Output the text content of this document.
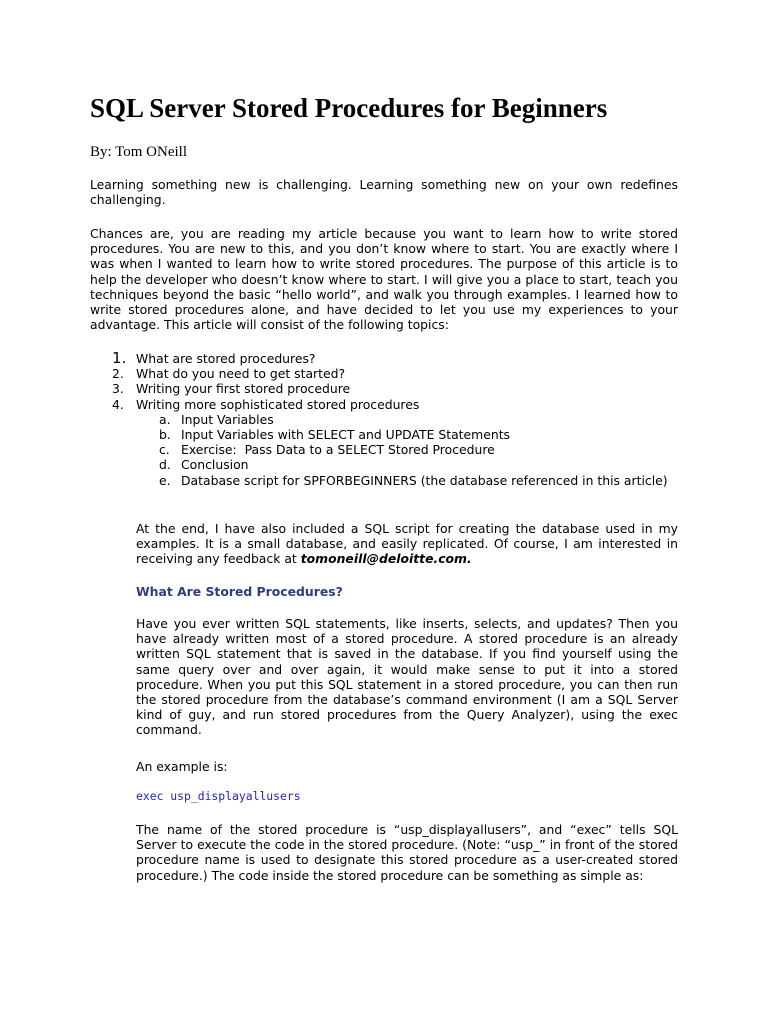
SQL Server Stored Procedures for Beginners

By: Tom ONeill

Learning something new is challenging. Learning something new on your own redefines challenging.

Chances are, you are reading my article because you want to learn how to write stored procedures. You are new to this, and you don’t know where to start. You are exactly where I was when I wanted to learn how to write stored procedures. The purpose of this article is to help the developer who doesn’t know where to start. I will give you a place to start, teach you techniques beyond the basic “hello world”, and walk you through examples. I learned how to write stored procedures alone, and have decided to let you use my experiences to your advantage. This article will consist of the following topics:

1. What are stored procedures?
2. What do you need to get started?
3. Writing your first stored procedure
4. Writing more sophisticated stored procedures
a. Input Variables
b. Input Variables with SELECT and UPDATE Statements
c. Exercise:  Pass Data to a SELECT Stored Procedure
d. Conclusion
e. Database script for SPFORBEGINNERS (the database referenced in this article)

At the end, I have also included a SQL script for creating the database used in my examples. It is a small database, and easily replicated. Of course, I am interested in receiving any feedback at tomoneill@deloitte.com.

What Are Stored Procedures?

Have you ever written SQL statements, like inserts, selects, and updates? Then you have already written most of a stored procedure. A stored procedure is an already written SQL statement that is saved in the database. If you find yourself using the same query over and over again, it would make sense to put it into a stored procedure. When you put this SQL statement in a stored procedure, you can then run the stored procedure from the database’s command environment (I am a SQL Server kind of guy, and run stored procedures from the Query Analyzer), using the exec command.

An example is:

exec usp_displayallusers

The name of the stored procedure is “usp_displayallusers”, and “exec” tells SQL Server to execute the code in the stored procedure. (Note: “usp_” in front of the stored procedure name is used to designate this stored procedure as a user-created stored procedure.) The code inside the stored procedure can be something as simple as:
